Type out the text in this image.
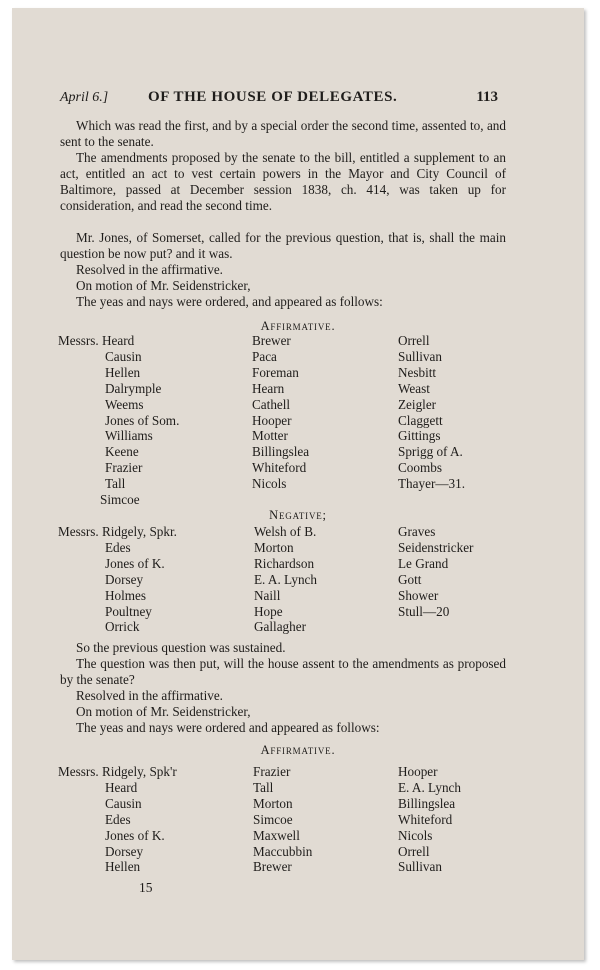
April 6.]	OF THE HOUSE OF DELEGATES.	113
Which was read the first, and by a special order the second time, assented to, and sent to the senate.
The amendments proposed by the senate to the bill, entitled a supplement to an act, entitled an act to vest certain powers in the Mayor and City Council of Baltimore, passed at December session 1838, ch. 414, was taken up for consideration, and read the second time.
Mr. Jones, of Somerset, called for the previous question, that is, shall the main question be now put? and it was.
Resolved in the affirmative.
On motion of Mr. Seidenstricker,
The yeas and nays were ordered, and appeared as follows:
Affirmative.
Messrs. Heard
Causin
Hellen
Dalrymple
Weems
Jones of Som.
Williams
Keene
Frazier
Tall
Simcoe
Brewer
Paca
Foreman
Hearn
Cathell
Hooper
Motter
Billingslea
Whiteford
Nicols
Orrell
Sullivan
Nesbitt
Weast
Zeigler
Claggett
Gittings
Sprigg of A.
Coombs
Thayer—31.
Negative;
Messrs. Ridgely, Spkr.
Edes
Jones of K.
Dorsey
Holmes
Poultney
Orrick
Welsh of B.
Morton
Richardson
E. A. Lynch
Naill
Hope
Gallagher
Graves
Seidenstricker
Le Grand
Gott
Shower
Stull—20
So the previous question was sustained.
The question was then put, will the house assent to the amendments as proposed by the senate?
Resolved in the affirmative.
On motion of Mr. Seidenstricker,
The yeas and nays were ordered and appeared as follows:
Affirmative.
Messrs. Ridgely, Spk'r
Heard
Causin
Edes
Jones of K.
Dorsey
Hellen
Frazier
Tall
Morton
Simcoe
Maxwell
Maccubbin
Brewer
Hooper
E. A. Lynch
Billingslea
Whiteford
Nicols
Orrell
Sullivan
15
